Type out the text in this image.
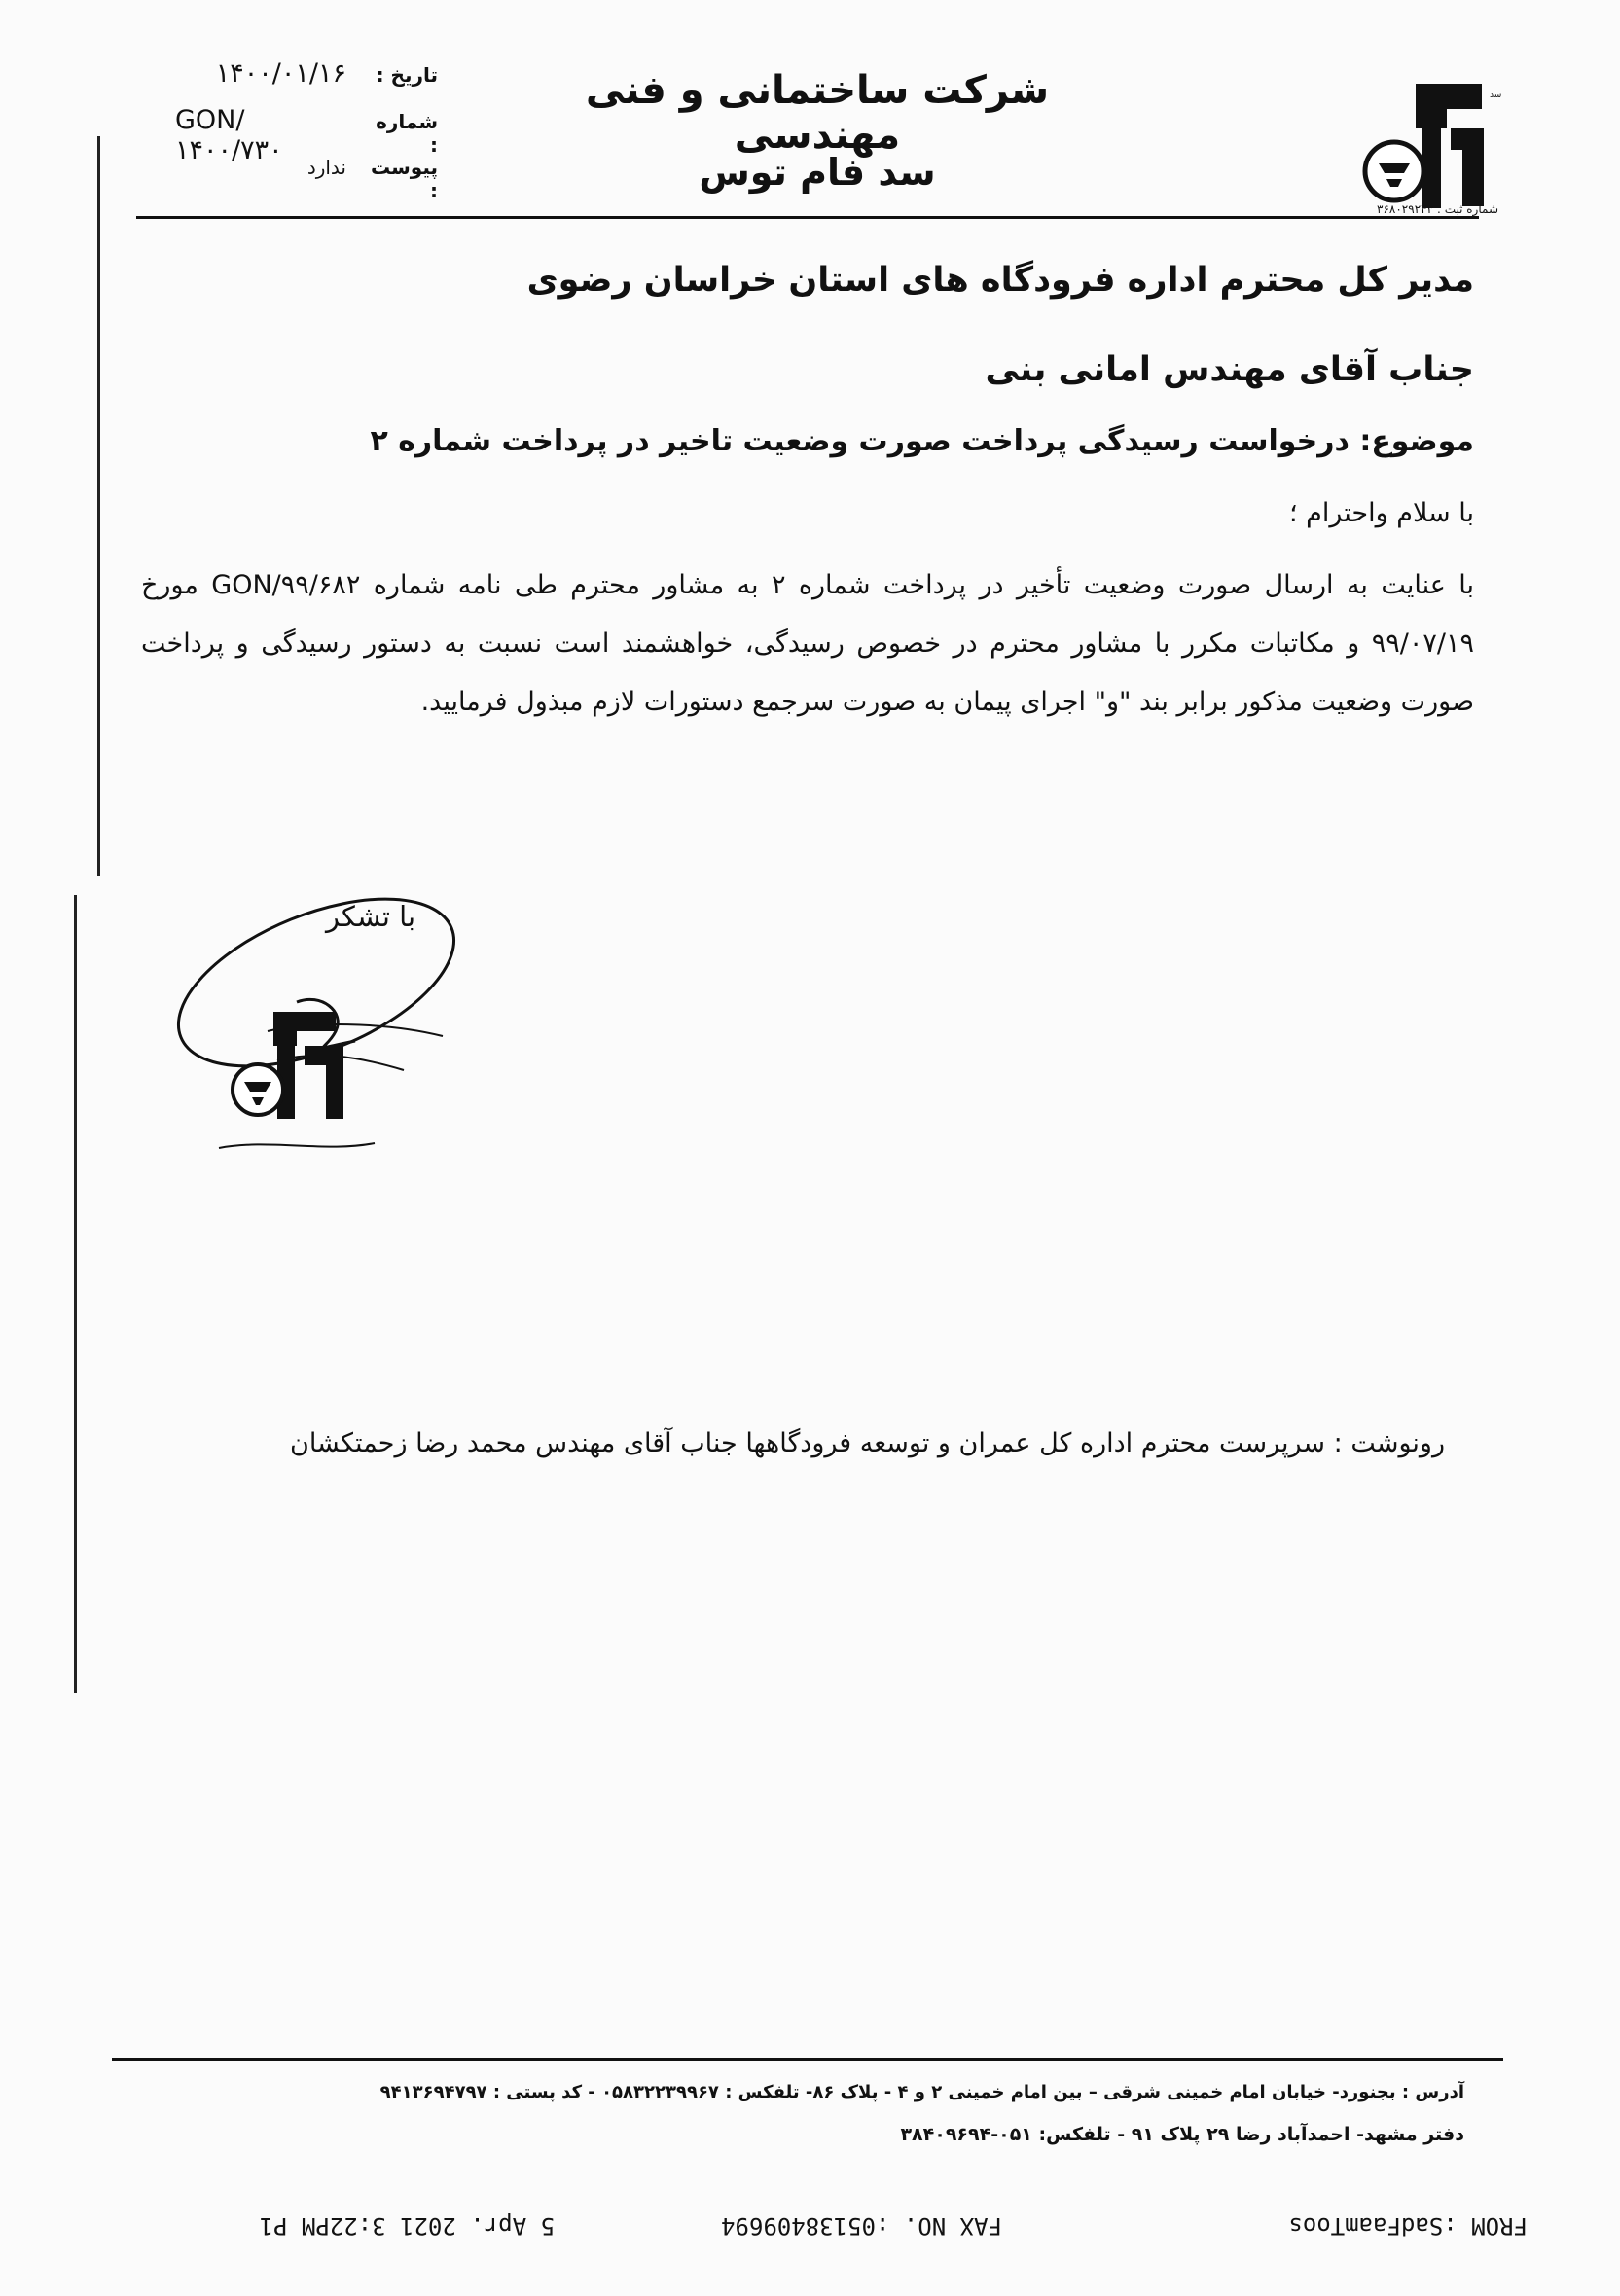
تاریخ :
۱۴۰۰/۰۱/۱۶
شماره :
GON/۱۴۰۰/۷۳۰
پیوست :
ندارد
شرکت ساختمانی و فنی مهندسی
سد فام توس
سد
شماره ثبت : ۳۶۸۰۲۹۲۴۳
مدیر کل محترم اداره فرودگاه های استان خراسان رضوی
جناب آقای مهندس امانی بنی
موضوع: درخواست رسیدگی پرداخت صورت وضعیت تاخیر در پرداخت شماره ۲
با سلام واحترام ؛
با عنایت به ارسال صورت وضعیت تأخیر در پرداخت شماره ۲ به مشاور محترم طی نامه شماره GON/۹۹/۶۸۲ مورخ ۹۹/۰۷/۱۹ و مکاتبات مکرر با مشاور محترم در خصوص رسیدگی، خواهشمند است نسبت به دستور رسیدگی و پرداخت صورت وضعیت مذکور برابر بند "و" اجرای پیمان به صورت سرجمع دستورات لازم مبذول فرمایید.
با تشکر
رونوشت : سرپرست محترم اداره کل عمران و توسعه فرودگاهها جناب آقای مهندس محمد رضا زحمتکشان
آدرس : بجنورد- خیابان امام خمینی شرقی – بین امام خمینی ۲ و ۴ - پلاک ۸۶- تلفکس : ۰۵۸۳۲۲۳۹۹۶۷ - کد پستی : ۹۴۱۳۶۹۴۷۹۷
دفتر مشهد- احمدآباد رضا ۲۹ پلاک ۹۱ - تلفکس: ۰۵۱-۳۸۴۰۹۶۹۴
FROM :SadFaamToos
FAX NO. :05138409694
5 Apr. 2021 3:22PM P1
